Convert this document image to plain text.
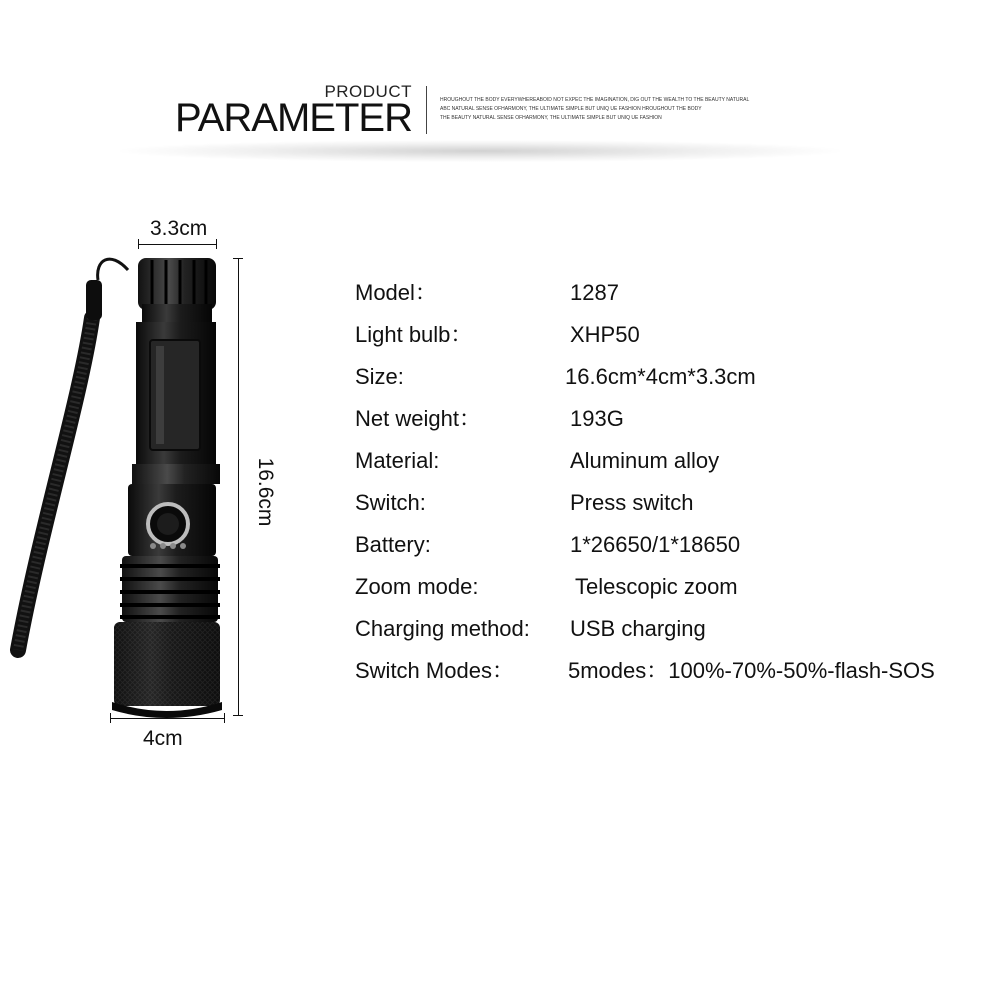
PRODUCT
PARAMETER	HROUGHOUT THE BODY EVERYWHEREABOID NOT EXPEC THE IMAGINATION, DIG OUT THE WEALTH TO THE BEAUTY NATURAL
ABC NATURAL SENSE OFHARMONY, THE ULTIMATE SIMPLE BUT UNIQ UE FASHION HROUGHOUT THE BODY
THE BEAUTY NATURAL SENSE OFHARMONY, THE ULTIMATE SIMPLE BUT UNIQ UE FASHION
3.3cm
16.6cm
4cm
Model：	1287
Light bulb：	XHP50
Size:	16.6cm*4cm*3.3cm
Net weight：	193G
Material:	Aluminum alloy
Switch:	Press switch
Battery:	1*26650/1*18650
Zoom mode:	Telescopic zoom
Charging method: USB charging
Switch Modes： 5modes：100%-70%-50%-flash-SOS
